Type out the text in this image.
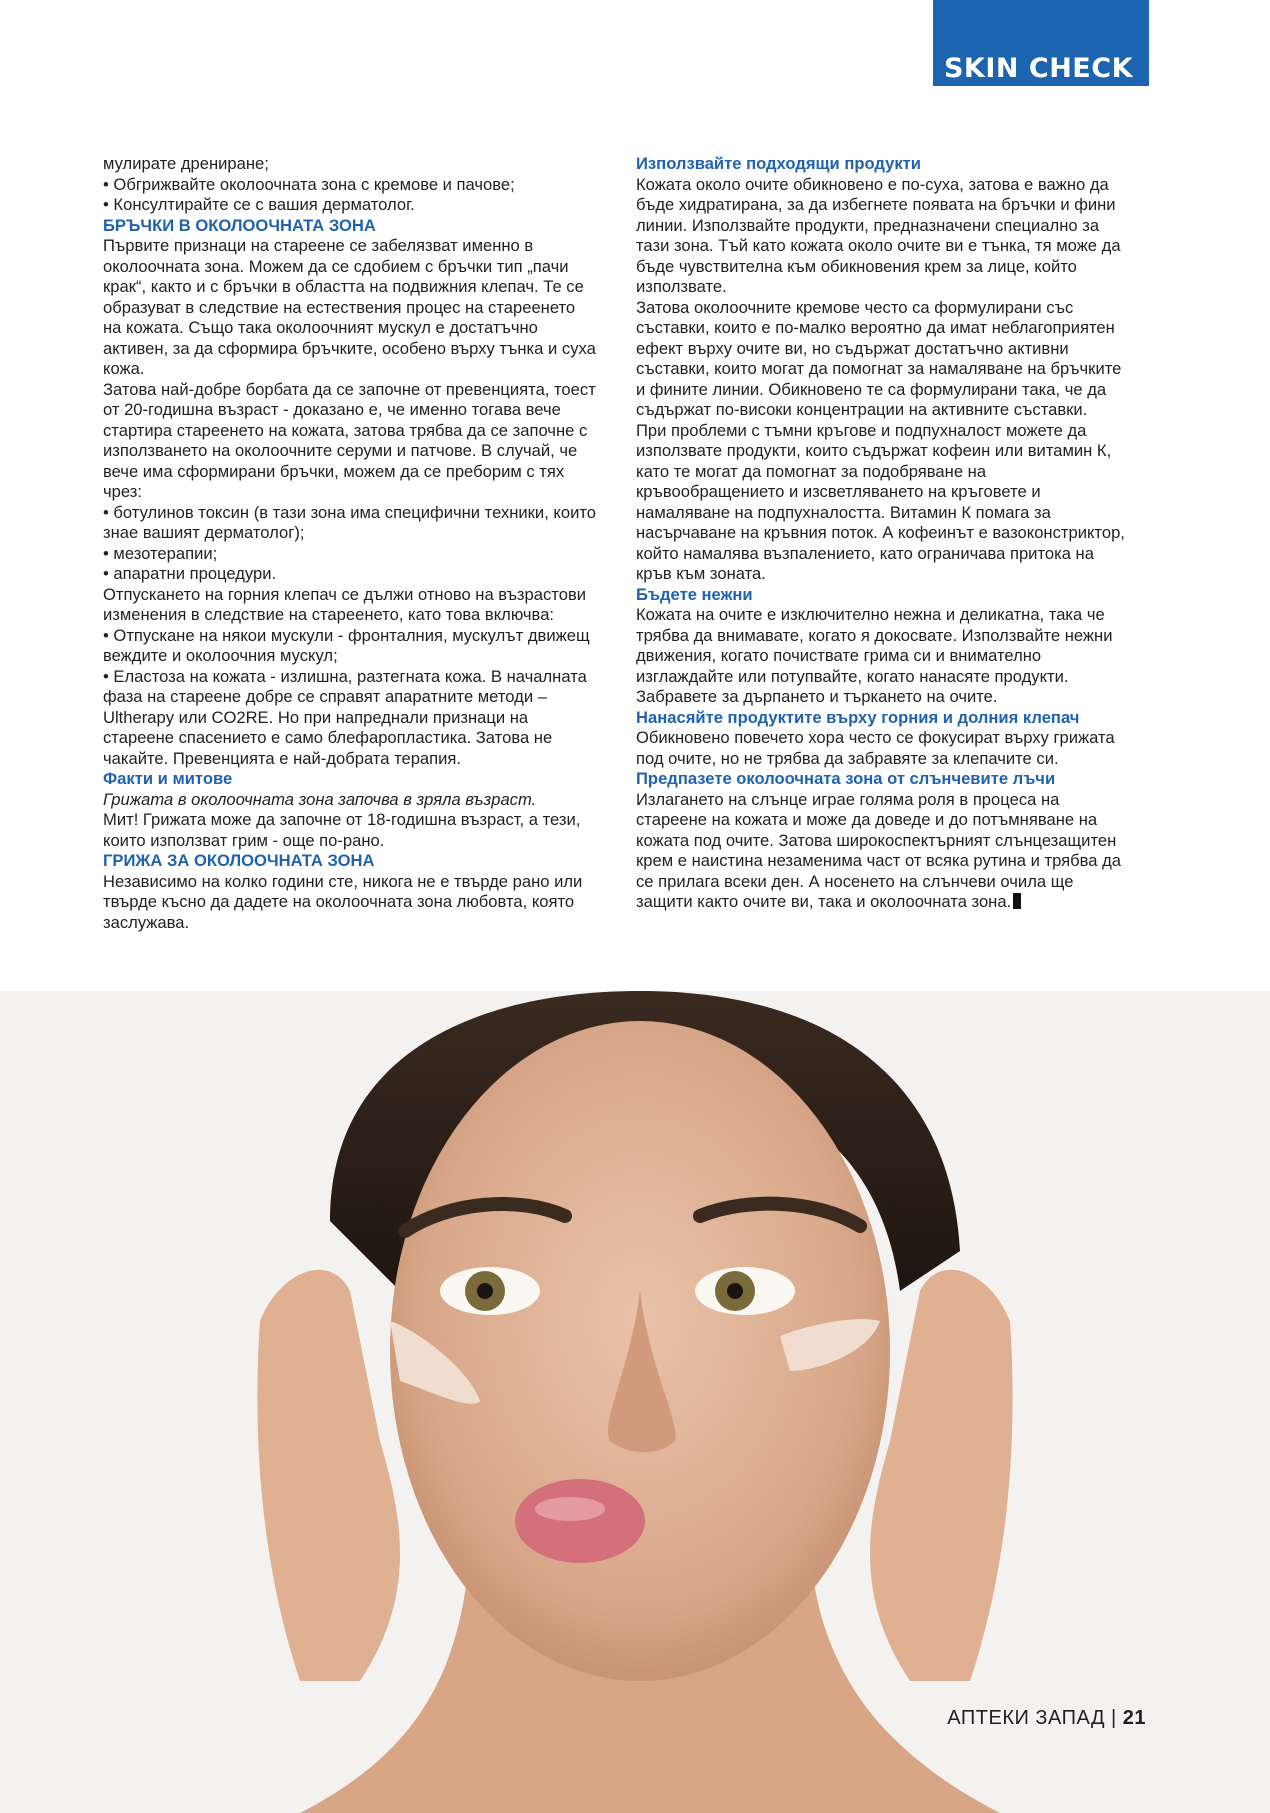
SKIN CHECK

мулирате дрениране;

• Обгрижвайте околоочната зона с кремове и пачове;

• Консултирайте се с вашия дерматолог.

БРЪЧКИ В ОКОЛООЧНАТА ЗОНА

Първите признаци на стареене се забелязват именно в околоочната зона. Можем да се сдобием с бръчки тип „пачи крак“, както и с бръчки в областта на подвижния клепач. Те се образуват в следствие на естествения процес на стареенето на кожата. Също така околоочният мускул е достатъчно активен, за да сформира бръчките, особено върху тънка и суха кожа.

Затова най-добре борбата да се започне от превенцията, тоест от 20-годишна възраст - доказано е, че именно тогава вече стартира стареенето на кожата, затова трябва да се започне с използването на околоочните серуми и патчове. В случай, че вече има сформирани бръчки, можем да се преборим с тях чрез:

• ботулинов токсин (в тази зона има специфични техники, които знае вашият дерматолог);

• мезотерапии;

• апаратни процедури.

Отпускането на горния клепач се дължи отново на възрастови изменения в следствие на стареенето, като това включва:

• Отпускане на някои мускули - фронталния, мускулът движещ веждите и околоочния мускул;

• Еластоза на кожата - излишна, разтегната кожа. В началната фаза на стареене добре се справят апаратните методи – Ultherapy или CO2RE. Но при напреднали признаци на стареене спасението е само блефаропластика. Затова не чакайте. Превенцията е най-добрата терапия.

Факти и митове

Грижата в околоочната зона започва в зряла възраст.

Мит! Грижата може да започне от 18-годишна възраст, а тези, които използват грим - още по-рано.

ГРИЖА ЗА ОКОЛООЧНАТА ЗОНА

Независимо на колко години сте, никога не е твърде рано или твърде късно да дадете на околоочната зона любовта, която заслужава.

Използвайте подходящи продукти

Кожата около очите обикновено е по-суха, затова е важно да бъде хидратирана, за да избегнете появата на бръчки и фини линии. Използвайте продукти, предназначени специално за тази зона. Тъй като кожата около очите ви е тънка, тя може да бъде чувствителна към обикновения крем за лице, който използвате.

Затова околоочните кремове често са формулирани със съставки, които е по-малко вероятно да имат неблагоприятен ефект върху очите ви, но съдържат достатъчно активни съставки, които могат да помогнат за намаляване на бръчките и фините линии. Обикновено те са формулирани така, че да съдържат по-високи концентрации на активните съставки.

При проблеми с тъмни кръгове и подпухналост можете да използвате продукти, които съдържат кофеин или витамин К, като те могат да помогнат за подобряване на кръвообращението и изсветляването на кръговете и намаляване на подпухналостта. Витамин К помага за насърчаване на кръвния поток. А кофеинът е вазоконстриктор, който намалява възпалението, като ограничава притока на кръв към зоната.

Бъдете нежни

Кожата на очите е изключително нежна и деликатна, така че трябва да внимавате, когато я докосвате. Използвайте нежни движения, когато почиствате грима си и внимателно изглаждайте или потупвайте, когато нанасяте продукти. Забравете за дърпането и търкането на очите.

Нанасяйте продуктите върху горния и долния клепач

Обикновено повечето хора често се фокусират върху грижата под очите, но не трябва да забравяте за клепачите си.

Предпазете околоочната зона от слънчевите лъчи

Излагането на слънце играе голяма роля в процеса на стареене на кожата и може да доведе и до потъмняване на кожата под очите. Затова широкоспектърният слънцезащитен крем е наистина незаменима част от всяка рутина и трябва да се прилага всеки ден. А носенето на слънчеви очила ще защити както очите ви, така и околоочната зона.

АПТЕКИ ЗАПАД | 21
